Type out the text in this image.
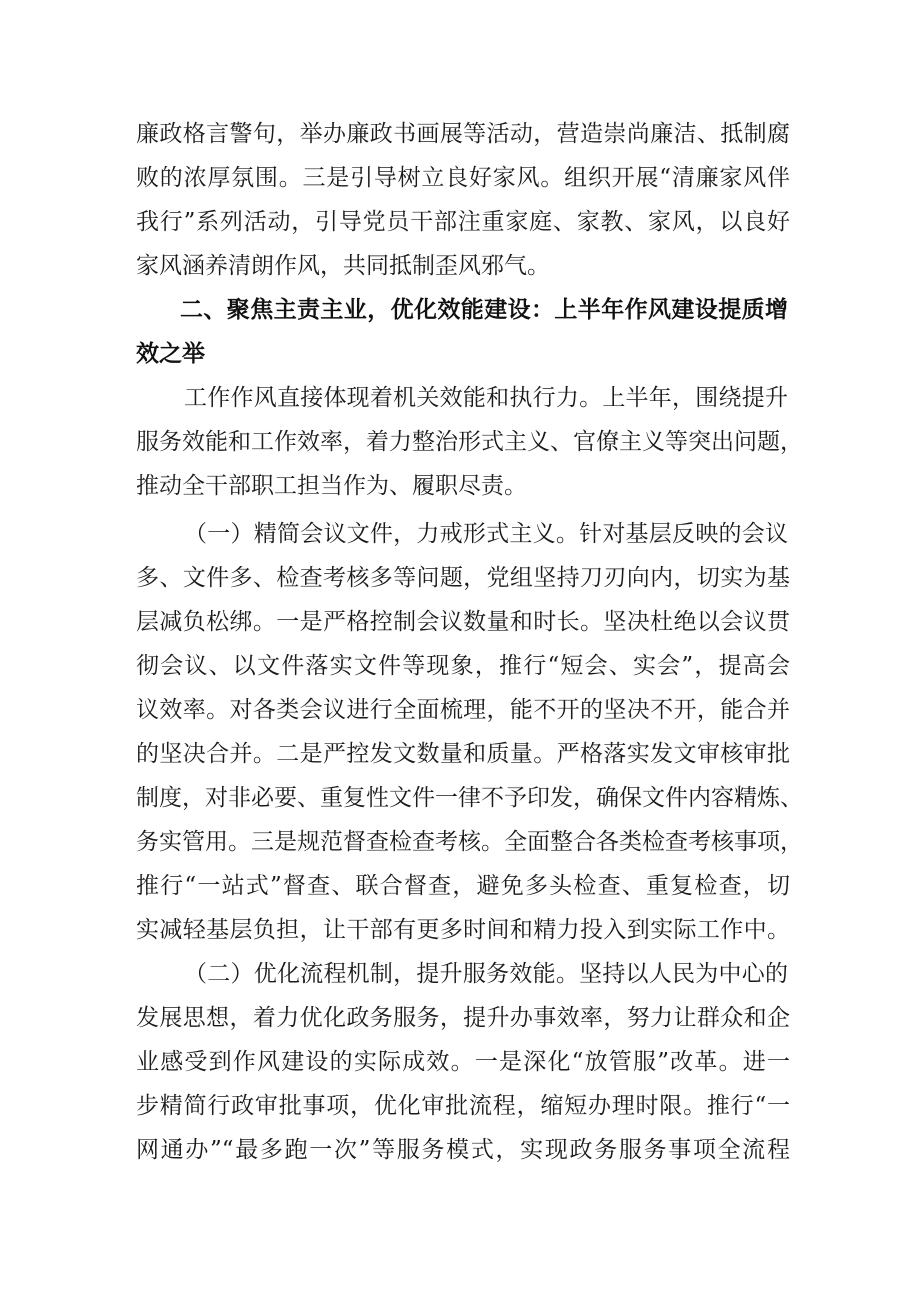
廉政格言警句，举办廉政书画展等活动，营造崇尚廉洁、抵制腐
败的浓厚氛围。三是引导树立良好家风。组织开展“清廉家风伴
我行”系列活动，引导党员干部注重家庭、家教、家风，以良好
家风涵养清朗作风，共同抵制歪风邪气。
二、聚焦主责主业，优化效能建设：上半年作风建设提质增
效之举
工作作风直接体现着机关效能和执行力。上半年，围绕提升
服务效能和工作效率，着力整治形式主义、官僚主义等突出问题，
推动全干部职工担当作为、履职尽责。
（一）精简会议文件，力戒形式主义。针对基层反映的会议
多、文件多、检查考核多等问题，党组坚持刀刃向内，切实为基
层减负松绑。一是严格控制会议数量和时长。坚决杜绝以会议贯
彻会议、以文件落实文件等现象，推行“短会、实会”，提高会
议效率。对各类会议进行全面梳理，能不开的坚决不开，能合并
的坚决合并。二是严控发文数量和质量。严格落实发文审核审批
制度，对非必要、重复性文件一律不予印发，确保文件内容精炼、
务实管用。三是规范督查检查考核。全面整合各类检查考核事项，
推行“一站式”督查、联合督查，避免多头检查、重复检查，切
实减轻基层负担，让干部有更多时间和精力投入到实际工作中。
（二）优化流程机制，提升服务效能。坚持以人民为中心的
发展思想，着力优化政务服务，提升办事效率，努力让群众和企
业感受到作风建设的实际成效。一是深化“放管服”改革。进一
步精简行政审批事项，优化审批流程，缩短办理时限。推行“一
网通办”“最多跑一次”等服务模式，实现政务服务事项全流程
